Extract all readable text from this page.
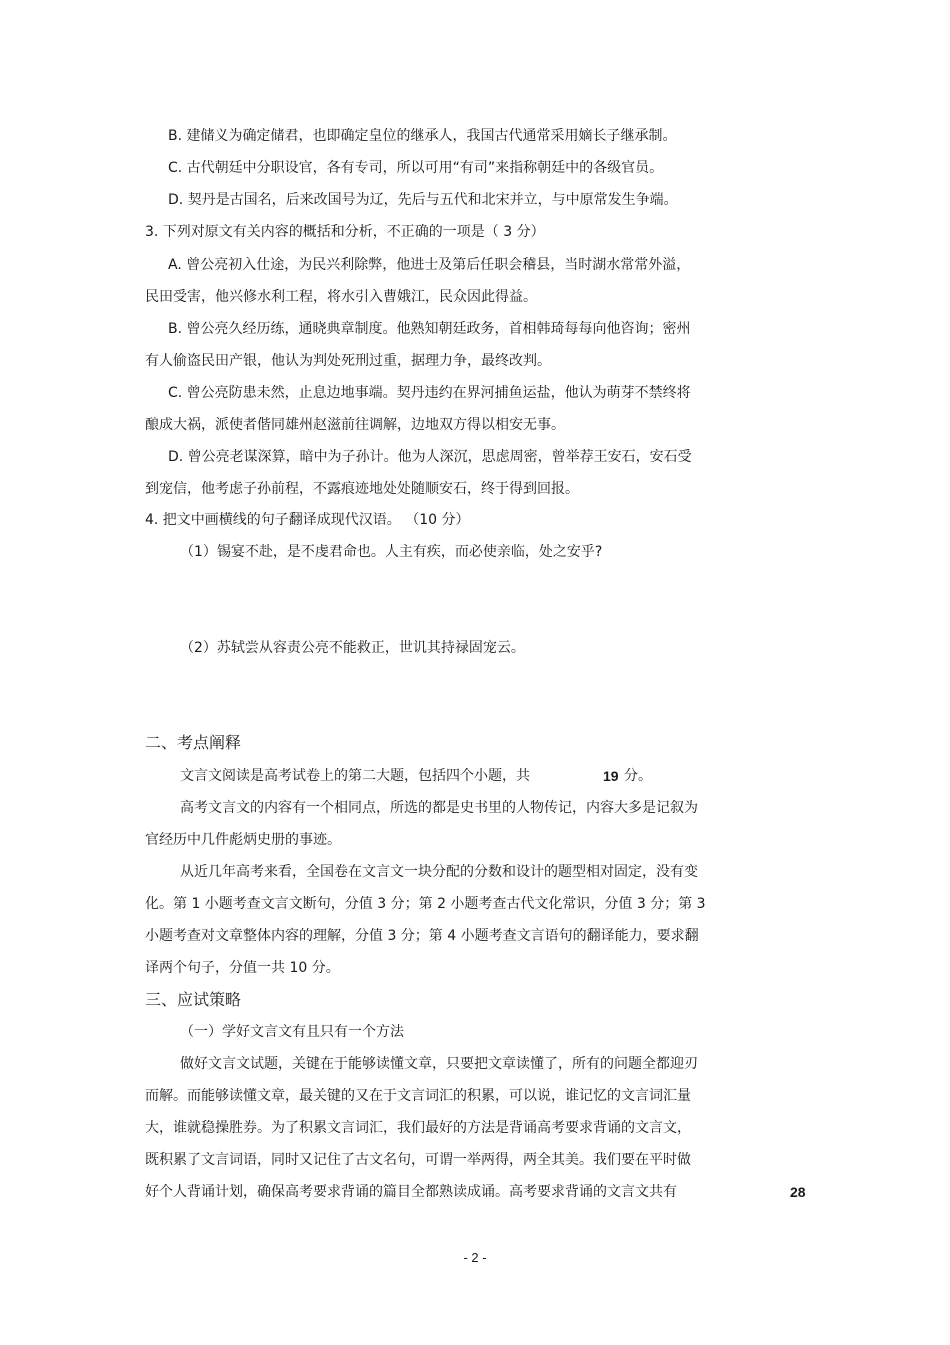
B. 建储义为确定储君，也即确定皇位的继承人，我国古代通常采用嫡长子继承制。
C. 古代朝廷中分职设官，各有专司，所以可用“有司”来指称朝廷中的各级官员。
D. 契丹是古国名，后来改国号为辽，先后与五代和北宋并立，与中原常发生争端。
3. 下列对原文有关内容的概括和分析，不正确的一项是（ 3 分）
A. 曾公亮初入仕途，为民兴利除弊，他进士及第后任职会稽县，当时湖水常常外溢，
民田受害，他兴修水利工程，将水引入曹娥江，民众因此得益。
B. 曾公亮久经历练，通晓典章制度。他熟知朝廷政务，首相韩琦每每向他咨询；密州
有人偷盗民田产银，他认为判处死刑过重，据理力争，最终改判。
C. 曾公亮防患未然，止息边地事端。契丹违约在界河捕鱼运盐，他认为萌芽不禁终将
酿成大祸，派使者偕同雄州赵滋前往调解，边地双方得以相安无事。
D. 曾公亮老谋深算，暗中为子孙计。他为人深沉，思虑周密，曾举荐王安石，安石受
到宠信，他考虑子孙前程，不露痕迹地处处随顺安石，终于得到回报。
4. 把文中画横线的句子翻译成现代汉语。 （10 分）
（1）锡宴不赴，是不虔君命也。人主有疾，而必使亲临，处之安乎?
（2）苏轼尝从容责公亮不能救正，世讥其持禄固宠云。
二、考点阐释
文言文阅读是高考试卷上的第二大题，包括四个小题，共	19 分。
高考文言文的内容有一个相同点，所选的都是史书里的人物传记，内容大多是记叙为
官经历中几件彪炳史册的事迹。
从近几年高考来看，全国卷在文言文一块分配的分数和设计的题型相对固定，没有变
化。第 1 小题考查文言文断句，分值 3 分；第 2 小题考查古代文化常识，分值 3 分；第 3
小题考查对文章整体内容的理解，分值 3 分；第 4 小题考查文言语句的翻译能力，要求翻
译两个句子，分值一共 10 分。
三、应试策略
（一）学好文言文有且只有一个方法
做好文言文试题，关键在于能够读懂文章，只要把文章读懂了，所有的问题全都迎刃
而解。而能够读懂文章，最关键的又在于文言词汇的积累，可以说，谁记忆的文言词汇量
大，谁就稳操胜券。为了积累文言词汇，我们最好的方法是背诵高考要求背诵的文言文，
既积累了文言词语，同时又记住了古文名句，可谓一举两得，两全其美。我们要在平时做
好个人背诵计划，确保高考要求背诵的篇目全都熟读成诵。高考要求背诵的文言文共有	28
- 2 -
